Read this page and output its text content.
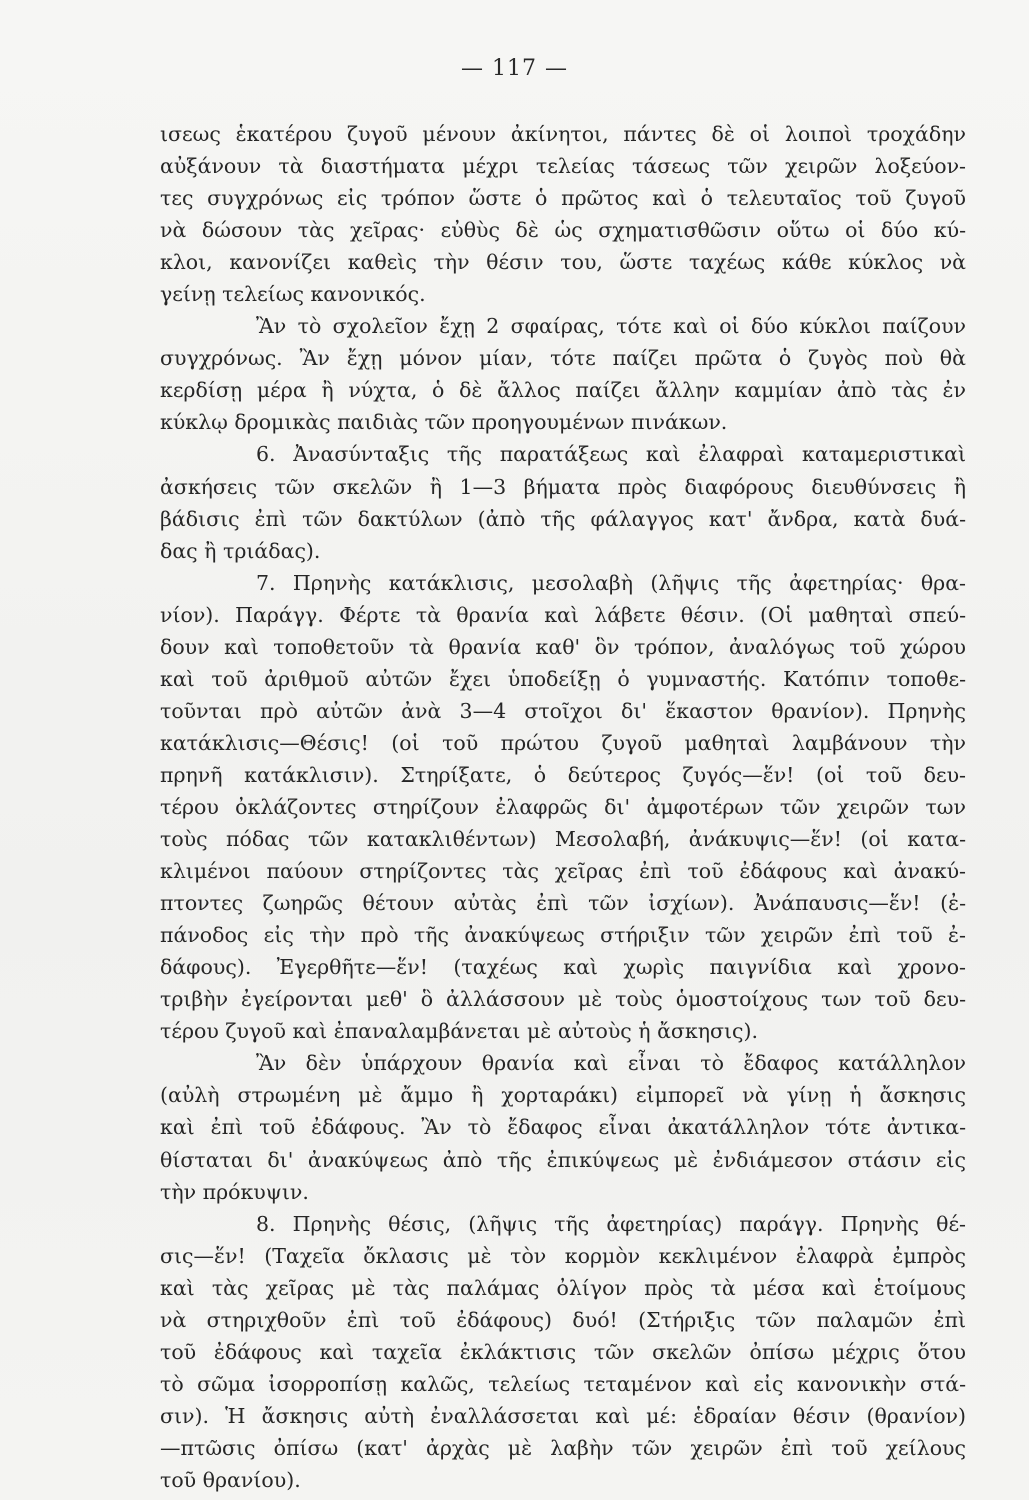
— 117 —
ισεως ἑκατέρου ζυγοῦ μένουν ἀκίνητοι, πάντες δὲ οἱ λοιποὶ τροχάδην
αὐξάνουν τὰ διαστήματα μέχρι τελείας τάσεως τῶν χειρῶν λοξεύον-
τες συγχρόνως εἰς τρόπον ὥστε ὁ πρῶτος καὶ ὁ τελευταῖος τοῦ ζυγοῦ
νὰ δώσουν τὰς χεῖρας· εὐθὺς δὲ ὡς σχηματισθῶσιν οὕτω οἱ δύο κύ-
κλοι, κανονίζει καθεὶς τὴν θέσιν του, ὥστε ταχέως κάθε κύκλος νὰ
γείνῃ τελείως κανονικός.
Ἂν τὸ σχολεῖον ἔχῃ 2 σφαίρας, τότε καὶ οἱ δύο κύκλοι παίζουν
συγχρόνως. Ἂν ἔχῃ μόνον μίαν, τότε παίζει πρῶτα ὁ ζυγὸς ποὺ θὰ
κερδίσῃ μέρα ἢ νύχτα, ὁ δὲ ἄλλος παίζει ἄλλην καμμίαν ἀπὸ τὰς ἐν
κύκλῳ δρομικὰς παιδιὰς τῶν προηγουμένων πινάκων.
6. Ἀνασύνταξις τῆς παρατάξεως καὶ ἐλαφραὶ καταμεριστικαὶ
ἀσκήσεις τῶν σκελῶν ἢ 1—3 βήματα πρὸς διαφόρους διευθύνσεις ἢ
βάδισις ἐπὶ τῶν δακτύλων (ἀπὸ τῆς φάλαγγος κατ' ἄνδρα, κατὰ δυά-
δας ἢ τριάδας).
7. Πρηνὴς κατάκλισις, μεσολαβὴ (λῆψις τῆς ἀφετηρίας· θρα-
νίον). Παράγγ. Φέρτε τὰ θρανία καὶ λάβετε θέσιν. (Οἱ μαθηταὶ σπεύ-
δουν καὶ τοποθετοῦν τὰ θρανία καθ' ὃν τρόπον, ἀναλόγως τοῦ χώρου
καὶ τοῦ ἀριθμοῦ αὐτῶν ἔχει ὑποδείξῃ ὁ γυμναστής. Κατόπιν τοποθε-
τοῦνται πρὸ αὐτῶν ἀνὰ 3—4 στοῖχοι δι' ἕκαστον θρανίον). Πρηνὴς
κατάκλισις—Θέσις! (οἱ τοῦ πρώτου ζυγοῦ μαθηταὶ λαμβάνουν τὴν
πρηνῆ κατάκλισιν). Στηρίξατε, ὁ δεύτερος ζυγός—ἕν! (οἱ τοῦ δευ-
τέρου ὀκλάζοντες στηρίζουν ἐλαφρῶς δι' ἀμφοτέρων τῶν χειρῶν των
τοὺς πόδας τῶν κατακλιθέντων) Μεσολαβή, ἀνάκυψις—ἕν! (οἱ κατα-
κλιμένοι παύουν στηρίζοντες τὰς χεῖρας ἐπὶ τοῦ ἐδάφους καὶ ἀνακύ-
πτοντες ζωηρῶς θέτουν αὐτὰς ἐπὶ τῶν ἰσχίων). Ἀνάπαυσις—ἕν! (ἐ-
πάνοδος εἰς τὴν πρὸ τῆς ἀνακύψεως στήριξιν τῶν χειρῶν ἐπὶ τοῦ ἐ-
δάφους). Ἐγερθῆτε—ἕν! (ταχέως καὶ χωρὶς παιγνίδια καὶ χρονο-
τριβὴν ἐγείρονται μεθ' ὃ ἀλλάσσουν μὲ τοὺς ὁμοστοίχους των τοῦ δευ-
τέρου ζυγοῦ καὶ ἐπαναλαμβάνεται μὲ αὐτοὺς ἡ ἄσκησις).
Ἂν δὲν ὑπάρχουν θρανία καὶ εἶναι τὸ ἔδαφος κατάλληλον
(αὐλὴ στρωμένη μὲ ἄμμο ἢ χορταράκι) εἰμπορεῖ νὰ γίνῃ ἡ ἄσκησις
καὶ ἐπὶ τοῦ ἐδάφους. Ἂν τὸ ἔδαφος εἶναι ἀκατάλληλον τότε ἀντικα-
θίσταται δι' ἀνακύψεως ἀπὸ τῆς ἐπικύψεως μὲ ἐνδιάμεσον στάσιν εἰς
τὴν πρόκυψιν.
8. Πρηνὴς θέσις, (λῆψις τῆς ἀφετηρίας) παράγγ. Πρηνὴς θέ-
σις—ἕν! (Ταχεῖα ὄκλασις μὲ τὸν κορμὸν κεκλιμένον ἐλαφρὰ ἐμπρὸς
καὶ τὰς χεῖρας μὲ τὰς παλάμας ὀλίγον πρὸς τὰ μέσα καὶ ἑτοίμους
νὰ στηριχθοῦν ἐπὶ τοῦ ἐδάφους) δυό! (Στήριξις τῶν παλαμῶν ἐπὶ
τοῦ ἐδάφους καὶ ταχεῖα ἐκλάκτισις τῶν σκελῶν ὀπίσω μέχρις ὅτου
τὸ σῶμα ἰσορροπίσῃ καλῶς, τελείως τεταμένον καὶ εἰς κανονικὴν στά-
σιν). Ἡ ἄσκησις αὐτὴ ἐναλλάσσεται καὶ μέ: ἑδραίαν θέσιν (θρανίον)
—πτῶσις ὀπίσω (κατ' ἀρχὰς μὲ λαβὴν τῶν χειρῶν ἐπὶ τοῦ χείλους
τοῦ θρανίου).
